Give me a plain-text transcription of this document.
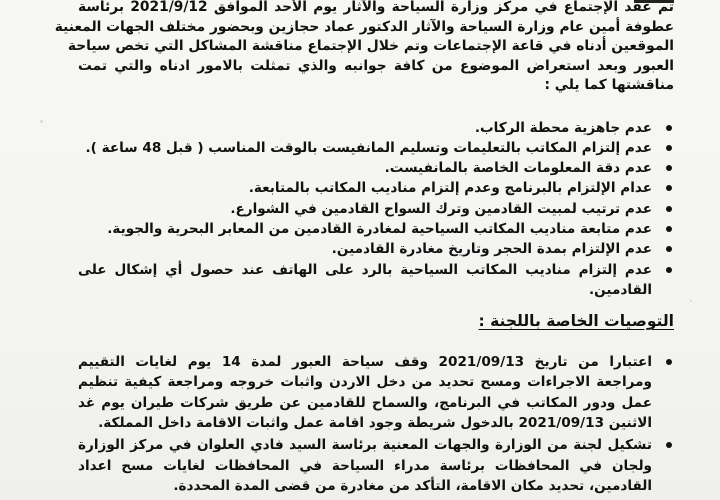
تم عقد الإجتماع في مركز وزارة السياحة والآثار يوم الأحد الموافق 2021/9/12 برئاسة
عطوفة أمين عام وزارة السياحة والآثار الدكتور عماد حجازين وبحضور مختلف الجهات المعنية
الموقعين أدناه في قاعة الإجتماعات وتم خلال الإجتماع مناقشة المشاكل التي تخص سياحة
العبور وبعد استعراض الموضوع من كافة جوانبه والذي تمثلت بالامور ادناه والتي تمت
مناقشتها كما يلي :

عدم جاهزية محطة الركاب.
عدم إلتزام المكاتب بالتعليمات وتسليم المانفيست بالوقت المناسب ( قبل 48 ساعة ).
عدم دقة المعلومات الخاصة بالمانفيست.
عدام الإلتزام بالبرنامج وعدم إلتزام مناديب المكاتب بالمتابعة.
عدم ترتيب لمبيت القادمين وترك السواح القادمين في الشوارع.
عدم متابعة مناديب المكاتب السياحية لمغادرة القادمين من المعابر البحرية والجوية.
عدم الإلتزام بمدة الحجر وتاريخ مغادرة القادمين.
عدم إلتزام مناديب المكاتب السياحية بالرد على الهاتف عند حصول أي إشكال على
القادمين.
التوصيات الخاصة باللجنة :
اعتبارا من تاريخ 2021/09/13 وقف سياحة العبور لمدة 14 يوم لغايات التقييم
ومراجعة الاجراءات ومسح تحديد من دخل الاردن واثبات خروجه ومراجعة كيفية تنظيم
عمل ودور المكاتب في البرنامج، والسماح للقادمين عن طريق شركات طيران يوم غد
الاثنين 2021/09/13 بالدخول شريطة وجود اقامة عمل واثبات الاقامة داخل المملكة.
تشكيل لجنة من الوزارة والجهات المعنية برئاسة السيد فادي العلوان في مركز الوزارة
ولجان في المحافظات برئاسة مدراء السياحة في المحافظات لغايات مسح اعداد
القادمين، تحديد مكان الاقامة، التأكد من مغادرة من قضى المدة المحددة.
